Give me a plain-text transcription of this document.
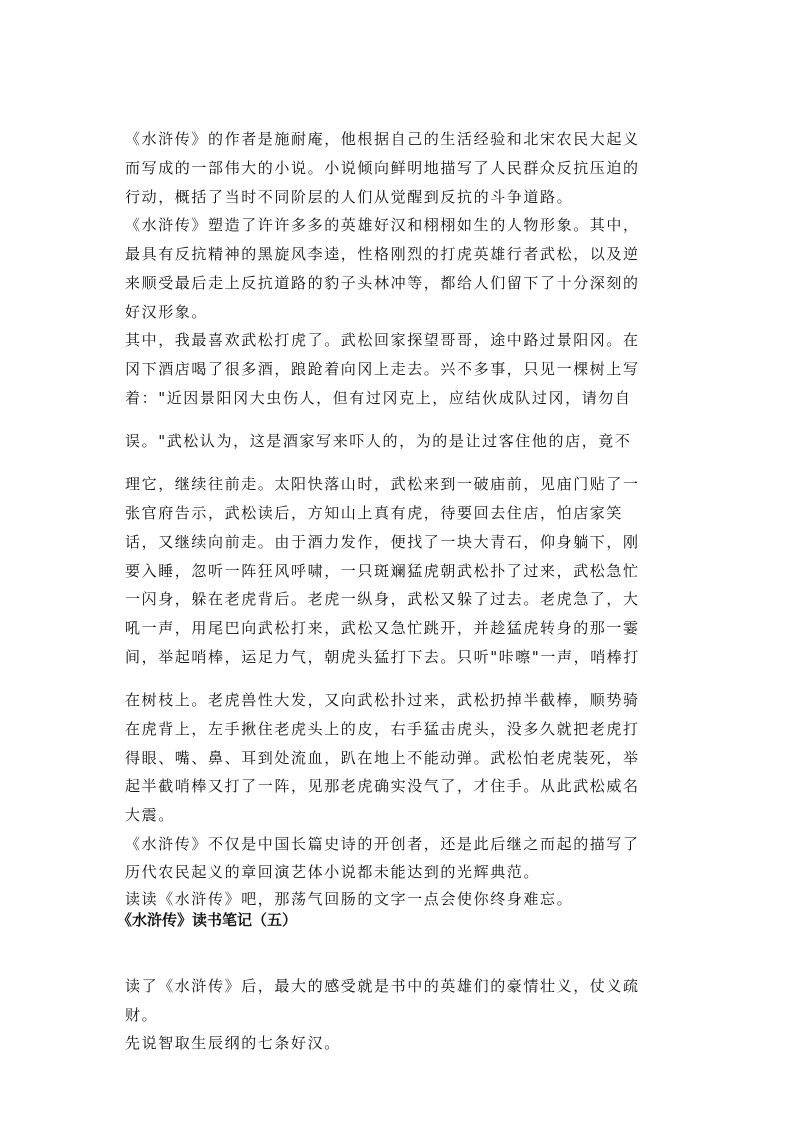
《水浒传》的作者是施耐庵，他根据自己的生活经验和北宋农民大起义
而写成的一部伟大的小说。小说倾向鲜明地描写了人民群众反抗压迫的
行动，概括了当时不同阶层的人们从觉醒到反抗的斗争道路。
《水浒传》塑造了许许多多的英雄好汉和栩栩如生的人物形象。其中，
最具有反抗精神的黑旋风李逵，性格刚烈的打虎英雄行者武松，以及逆
来顺受最后走上反抗道路的豹子头林冲等，都给人们留下了十分深刻的
好汉形象。
其中，我最喜欢武松打虎了。武松回家探望哥哥，途中路过景阳冈。在
冈下酒店喝了很多酒，踉跄着向冈上走去。兴不多事，只见一棵树上写
着："近因景阳冈大虫伤人，但有过冈克上，应结伙成队过冈，请勿自
误。"武松认为，这是酒家写来吓人的，为的是让过客住他的店，竟不
理它，继续往前走。太阳快落山时，武松来到一破庙前，见庙门贴了一
张官府告示，武松读后，方知山上真有虎，待要回去住店，怕店家笑
话，又继续向前走。由于酒力发作，便找了一块大青石，仰身躺下，刚
要入睡，忽听一阵狂风呼啸，一只斑斓猛虎朝武松扑了过来，武松急忙
一闪身，躲在老虎背后。老虎一纵身，武松又躲了过去。老虎急了，大
吼一声，用尾巴向武松打来，武松又急忙跳开，并趁猛虎转身的那一霎
间，举起哨棒，运足力气，朝虎头猛打下去。只听"咔嚓"一声，哨棒打
在树枝上。老虎兽性大发，又向武松扑过来，武松扔掉半截棒，顺势骑
在虎背上，左手揪住老虎头上的皮，右手猛击虎头，没多久就把老虎打
得眼、嘴、鼻、耳到处流血，趴在地上不能动弹。武松怕老虎装死，举
起半截哨棒又打了一阵，见那老虎确实没气了，才住手。从此武松威名
大震。
《水浒传》不仅是中国长篇史诗的开创者，还是此后继之而起的描写了
历代农民起义的章回演艺体小说都未能达到的光辉典范。
读读《水浒传》吧，那荡气回肠的文字一点会使你终身难忘。
《水浒传》读书笔记（五）
读了《水浒传》后，最大的感受就是书中的英雄们的豪情壮义，仗义疏
财。
先说智取生辰纲的七条好汉。
